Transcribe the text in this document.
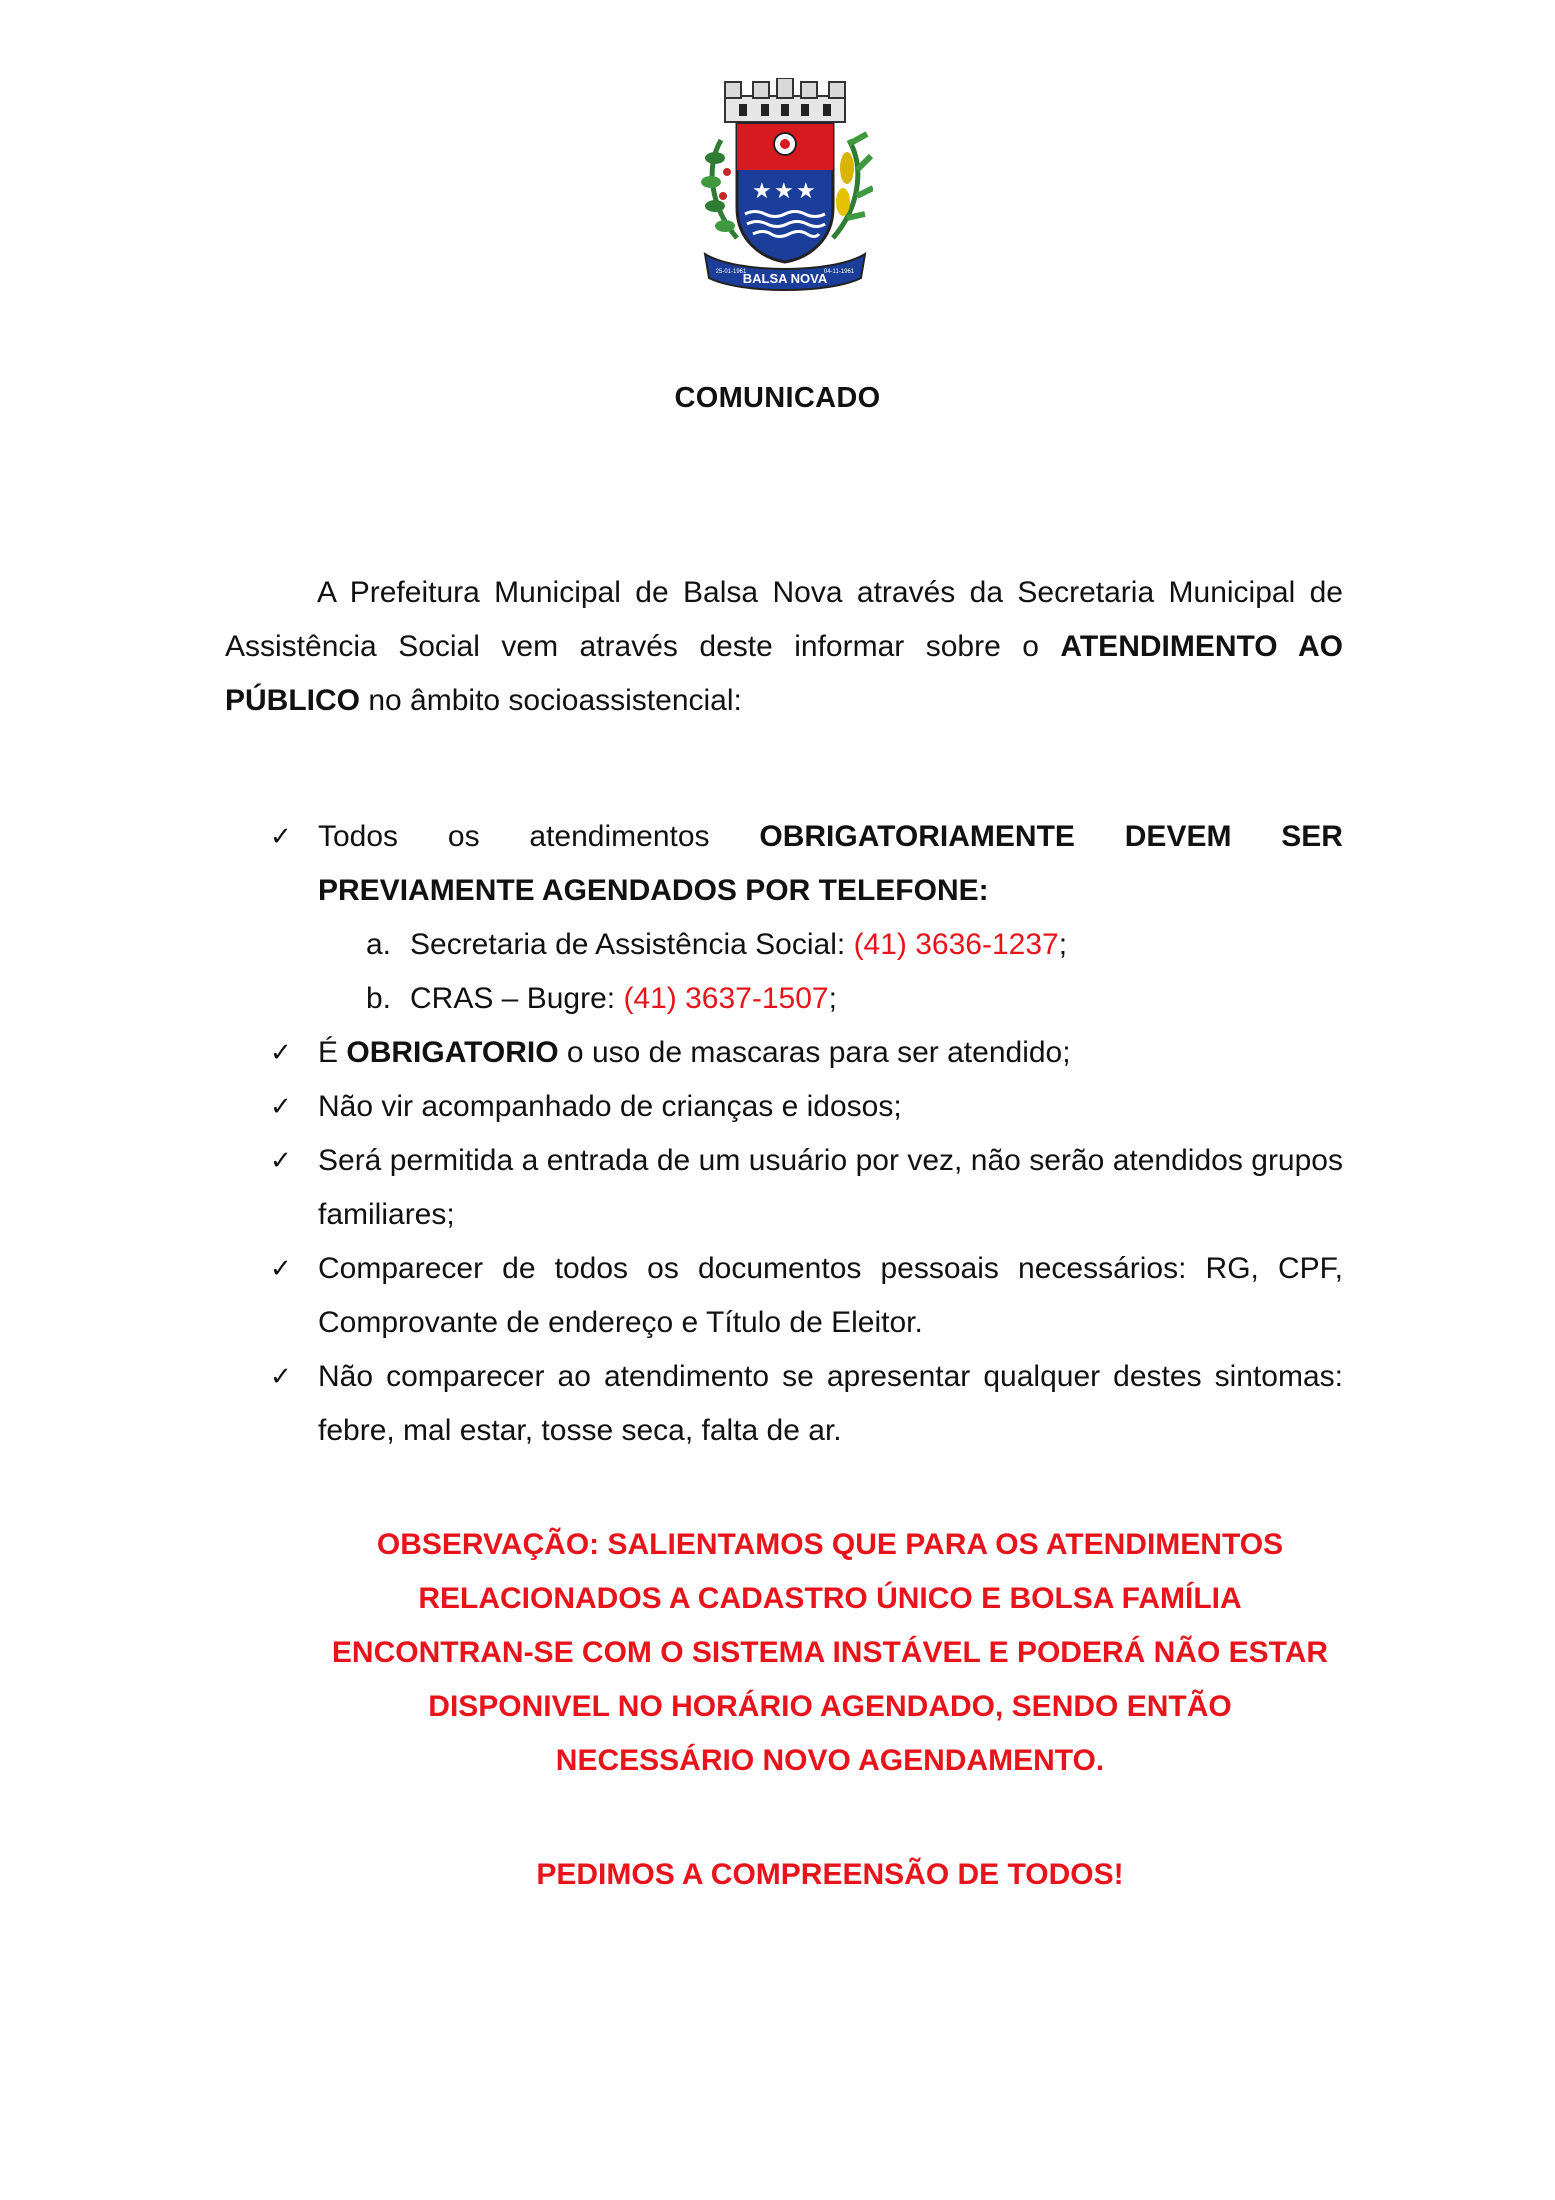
★ ★ ★
BALSA NOVA
25-01-1961	04-11-1961
COMUNICADO

A Prefeitura Municipal de Balsa Nova através da Secretaria Municipal de Assistência Social vem através deste informar sobre o ATENDIMENTO AO PÚBLICO no âmbito socioassistencial:

✓ Todos os atendimentos OBRIGATORIAMENTE DEVEM SER PREVIAMENTE AGENDADOS POR TELEFONE:
a. Secretaria de Assistência Social: (41) 3636-1237;
b. CRAS – Bugre: (41) 3637-1507;
✓ É OBRIGATORIO o uso de mascaras para ser atendido;
✓ Não vir acompanhado de crianças e idosos;
✓ Será permitida a entrada de um usuário por vez, não serão atendidos grupos familiares;
✓ Comparecer de todos os documentos pessoais necessários: RG, CPF, Comprovante de endereço e Título de Eleitor.
✓ Não comparecer ao atendimento se apresentar qualquer destes sintomas: febre, mal estar, tosse seca, falta de ar.
OBSERVAÇÃO: SALIENTAMOS QUE PARA OS ATENDIMENTOS RELACIONADOS A CADASTRO ÚNICO E BOLSA FAMÍLIA ENCONTRAN-SE COM O SISTEMA INSTÁVEL E PODERÁ NÃO ESTAR DISPONIVEL NO HORÁRIO AGENDADO, SENDO ENTÃO NECESSÁRIO NOVO AGENDAMENTO.
PEDIMOS A COMPREENSÃO DE TODOS!
